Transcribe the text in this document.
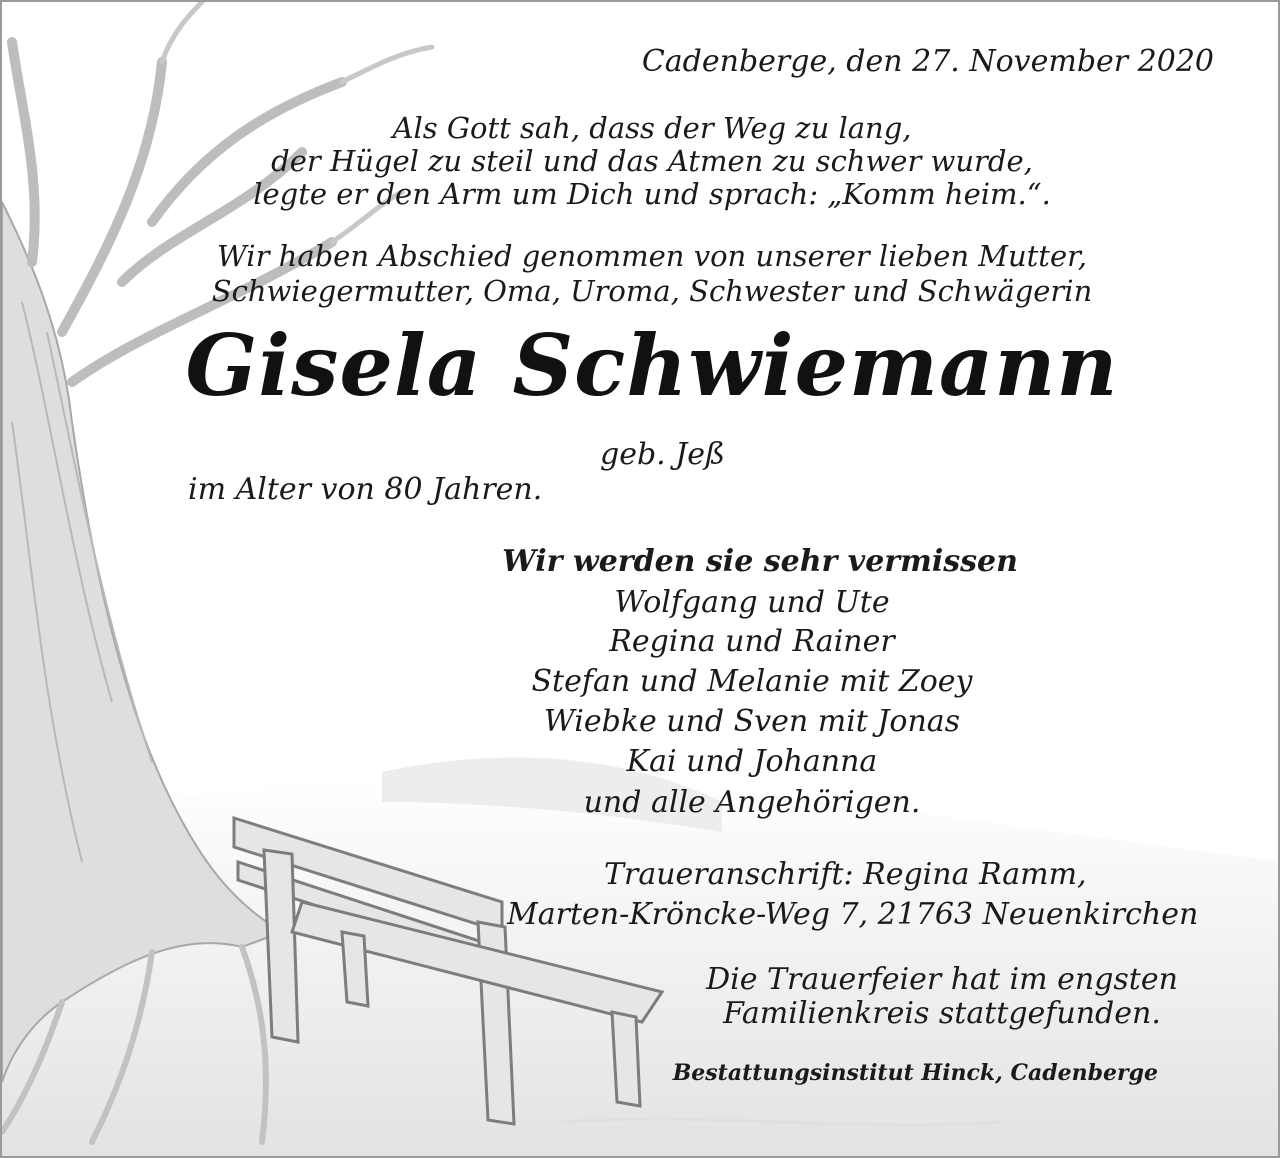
Cadenberge, den 27. November 2020
Als Gott sah, dass der Weg zu lang,
der Hügel zu steil und das Atmen zu schwer wurde,
legte er den Arm um Dich und sprach: „Komm heim.“.
Wir haben Abschied genommen von unserer lieben Mutter,
Schwiegermutter, Oma, Uroma, Schwester und Schwägerin
Gisela Schwiemann
geb. Jeß
im Alter von 80 Jahren.
Wir werden sie sehr vermissen
Wolfgang und Ute
Regina und Rainer
Stefan und Melanie mit Zoey
Wiebke und Sven mit Jonas
Kai und Johanna
und alle Angehörigen.
Traueranschrift: Regina Ramm,
Marten-Kröncke-Weg 7, 21763 Neuenkirchen
Die Trauerfeier hat im engsten
Familienkreis stattgefunden.
Bestattungsinstitut Hinck, Cadenberge
